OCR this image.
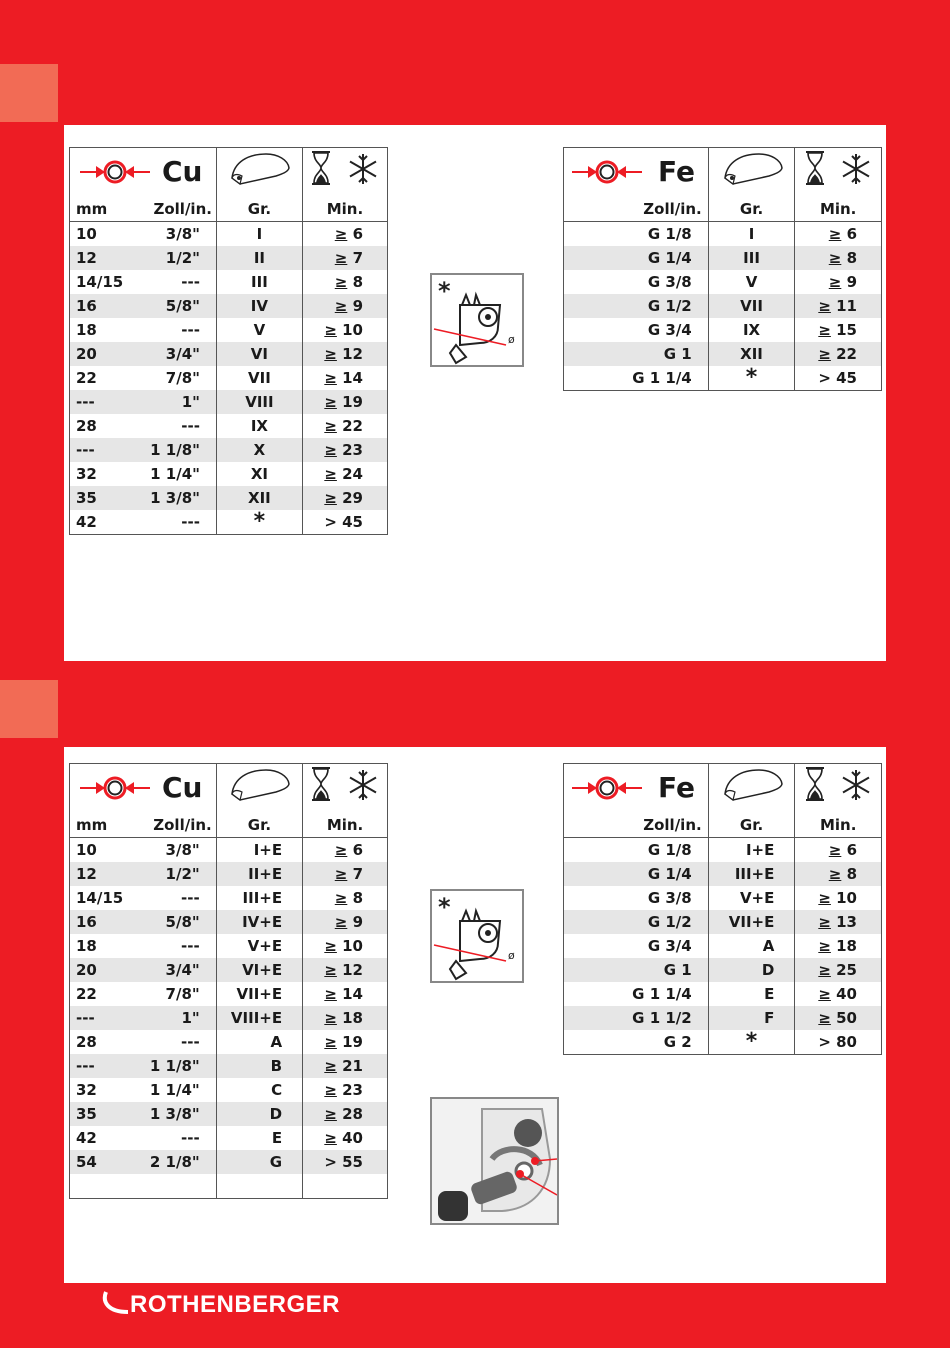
Cu

mm	Zoll/in.	Gr.	Min.
10	3/8"	I	≥ 6
12	1/2"	II	≥ 7
14/15	---	III	≥ 8
16	5/8"	IV	≥ 9
18	---	V	≥ 10
20	3/4"	VI	≥ 12
22	7/8"	VII	≥ 14
---	1"	VIII	≥ 19
28	---	IX	≥ 22
---	1 1/8"	X	≥ 23
32	1 1/4"	XI	≥ 24
35	1 3/8"	XII	≥ 29
42	---	*	> 45
*
ø
Fe

Zoll/in.	Gr.	Min.
G 1/8	I	≥ 6
G 1/4	III	≥ 8
G 3/8	V	≥ 9
G 1/2	VII	≥ 11
G 3/4	IX	≥ 15
G 1	XII	≥ 22
G 1 1/4	*	> 45
Cu

mm	Zoll/in.	Gr.	Min.
10	3/8"	I+E	≥ 6
12	1/2"	II+E	≥ 7
14/15	---	III+E	≥ 8
16	5/8"	IV+E	≥ 9
18	---	V+E	≥ 10
20	3/4"	VI+E	≥ 12
22	7/8"	VII+E	≥ 14
---	1"	VIII+E	≥ 18
28	---	A	≥ 19
---	1 1/8"	B	≥ 21
32	1 1/4"	C	≥ 23
35	1 3/8"	D	≥ 28
42	---	E	≥ 40
54	2 1/8"	G	> 55

*
ø
Fe

Zoll/in.	Gr.	Min.
G 1/8	I+E	≥ 6
G 1/4	III+E	≥ 8
G 3/8	V+E	≥ 10
G 1/2	VII+E	≥ 13
G 3/4	A	≥ 18
G 1	D	≥ 25
G 1 1/4	E	≥ 40
G 1 1/2	F	≥ 50
G 2	*	> 80
ROTHENBERGER
